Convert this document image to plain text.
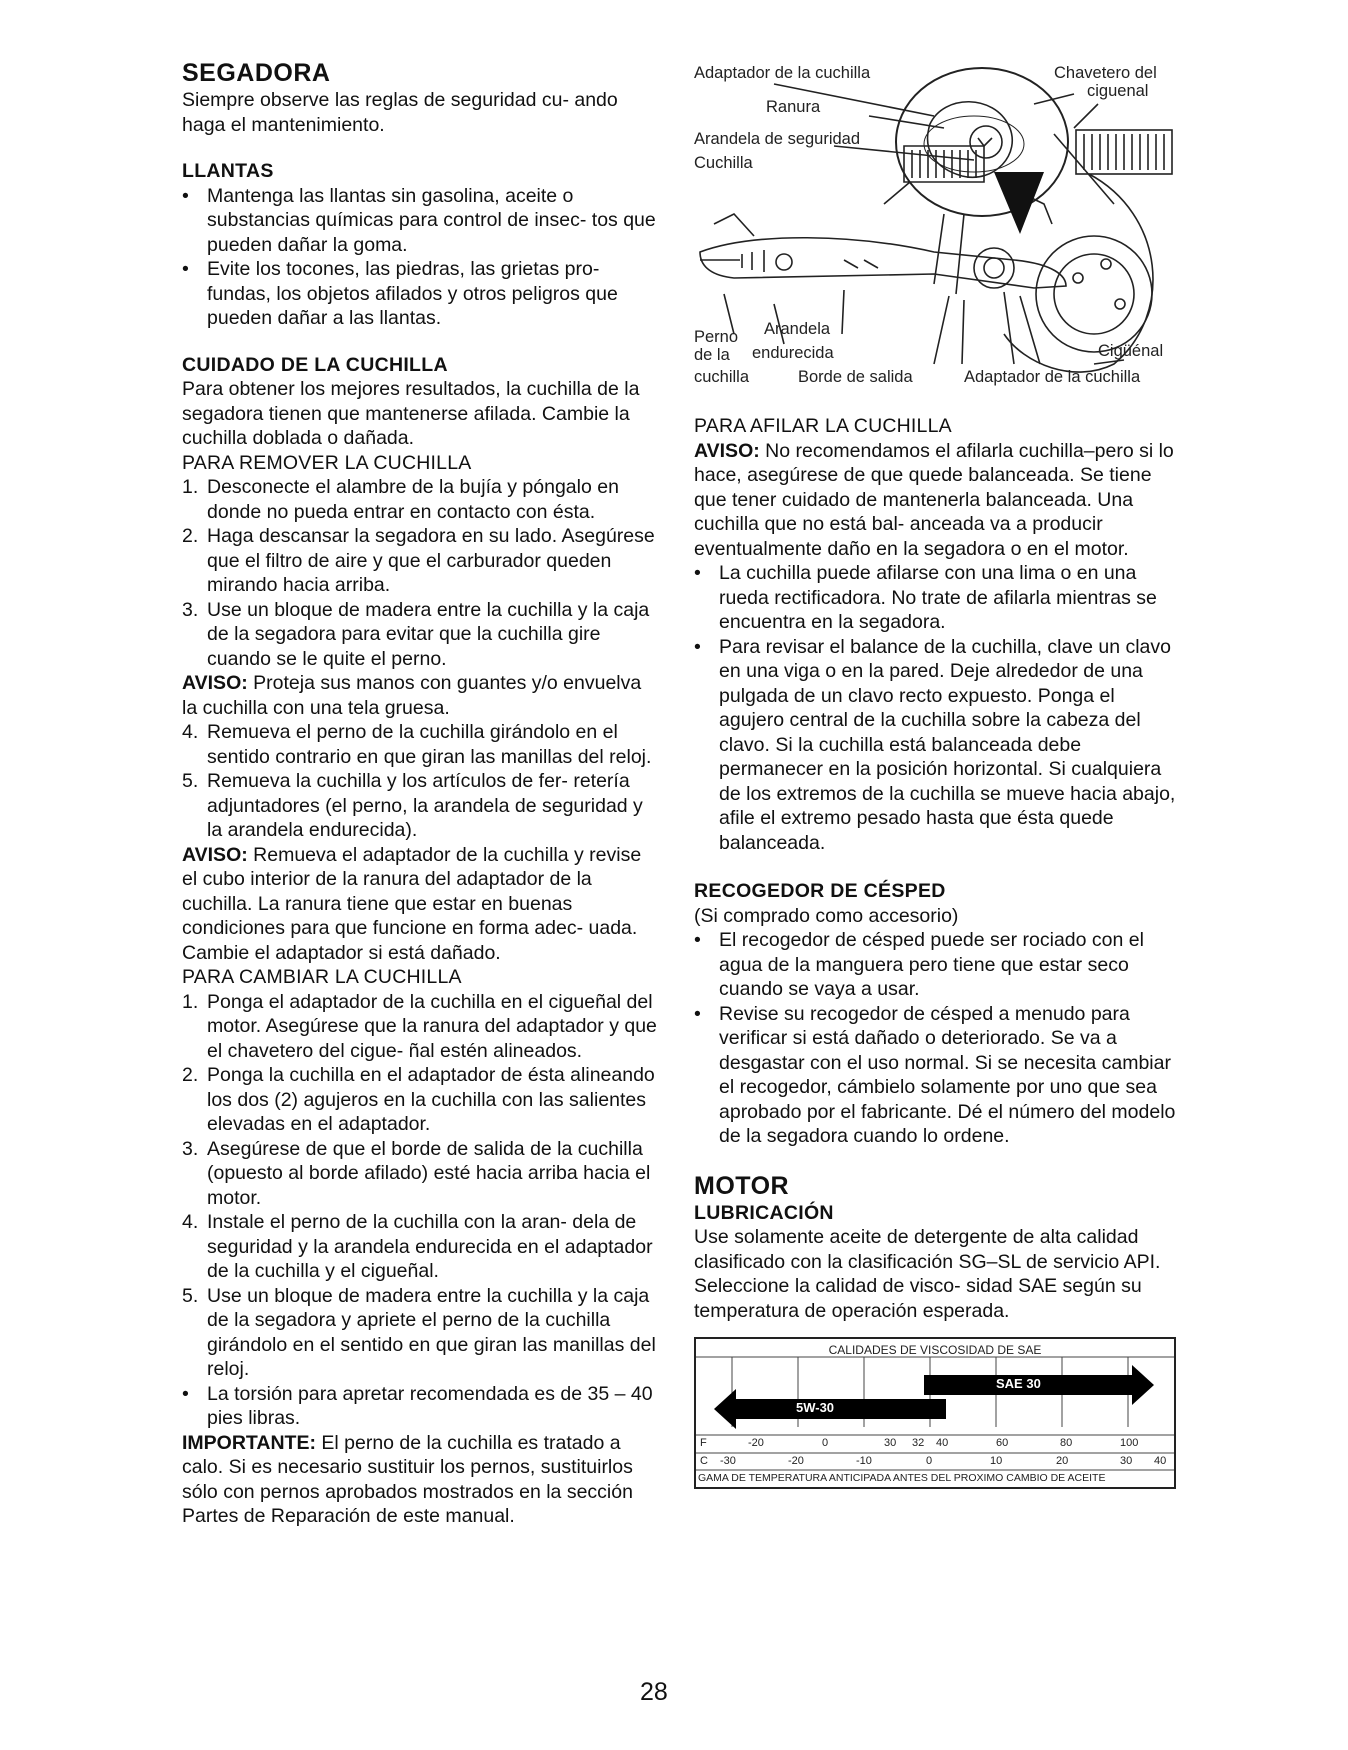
SEGADORA

Siempre observe las reglas de seguridad cu- ando haga el mantenimiento.

LLANTAS

• Mantenga las llantas sin gasolina, aceite o substancias químicas para control de insec- tos que pueden dañar la goma.

• Evite los tocones, las piedras, las grietas pro- fundas, los objetos afilados y otros peligros que pueden dañar a las llantas.

CUIDADO DE LA CUCHILLA

Para obtener los mejores resultados, la cuchilla de la segadora tienen que mantenerse afilada. Cambie la cuchilla doblada o dañada.

PARA REMOVER LA CUCHILLA

1. Desconecte el alambre de la bujía y póngalo en donde no pueda entrar en contacto con ésta.

2. Haga descansar la segadora en su lado. Asegúrese que el filtro de aire y que el carburador queden mirando hacia arriba.

3. Use un bloque de madera entre la cuchilla y la caja de la segadora para evitar que la cuchilla gire cuando se le quite el perno.

AVISO: Proteja sus manos con guantes y/o envuelva la cuchilla con una tela gruesa.

4. Remueva el perno de la cuchilla girándolo en el sentido contrario en que giran las manillas del reloj.

5. Remueva la cuchilla y los artículos de fer- retería adjuntadores (el perno, la arandela de seguridad y la arandela endurecida).

AVISO: Remueva el adaptador de la cuchilla y revise el cubo interior de la ranura del adaptador de la cuchilla. La ranura tiene que estar en buenas condiciones para que funcione en forma adec- uada. Cambie el adaptador si está dañado.

PARA CAMBIAR LA CUCHILLA

1. Ponga el adaptador de la cuchilla en el cigueñal del motor. Asegúrese que la ranura del adaptador y que el chavetero del cigue- ñal estén alineados.

2. Ponga la cuchilla en el adaptador de ésta alineando los dos (2) agujeros en la cuchilla con las salientes elevadas en el adaptador.

3. Asegúrese de que el borde de salida de la cuchilla (opuesto al borde afilado) esté hacia arriba hacia el motor.

4. Instale el perno de la cuchilla con la aran- dela de seguridad y la arandela endurecida en el adaptador de la cuchilla y el cigueñal.

5. Use un bloque de madera entre la cuchilla y la caja de la segadora y apriete el perno de la cuchilla girándolo en el sentido en que giran las manillas del reloj.

• La torsión para apretar recomendada es de 35 – 40 pies libras.

IMPORTANTE: El perno de la cuchilla es tratado a calo. Si es necesario sustituir los pernos, sustituirlos sólo con pernos aprobados mostrados en la sección Partes de Reparación de este manual.

Adaptador de la cuchilla	Chavetero del
ciguenal
Ranura
Arandela de seguridad
Cuchilla
Perno Arandela
de la endurecida	Cigüénal
cuchilla	Borde de salida	Adaptador de la cuchilla

PARA AFILAR LA CUCHILLA

AVISO: No recomendamos el afilarla cuchilla–pero si lo hace, asegúrese de que quede balanceada. Se tiene que tener cuidado de mantenerla balanceada. Una cuchilla que no está bal- anceada va a producir eventualmente daño en la segadora o en el motor.

• La cuchilla puede afilarse con una lima o en una rueda rectificadora. No trate de afilarla mientras se encuentra en la segadora.

• Para revisar el balance de la cuchilla, clave un clavo en una viga o en la pared. Deje alrededor de una pulgada de un clavo recto expuesto. Ponga el agujero central de la cuchilla sobre la cabeza del clavo. Si la cuchilla está balanceada debe permanecer en la posición horizontal. Si cualquiera de los extremos de la cuchilla se mueve hacia abajo, afile el extremo pesado hasta que ésta quede balanceada.

RECOGEDOR DE CÉSPED

(Si comprado como accesorio)

• El recogedor de césped puede ser rociado con el agua de la manguera pero tiene que estar seco cuando se vaya a usar.

• Revise su recogedor de césped a menudo para verificar si está dañado o deteriorado. Se va a desgastar con el uso normal. Si se necesita cambiar el recogedor, cámbielo solamente por uno que sea aprobado por el fabricante. Dé el número del modelo de la segadora cuando lo ordene.

MOTOR

LUBRICACIÓN

Use solamente aceite de detergente de alta calidad clasificado con la clasificación SG–SL de servicio API. Seleccione la calidad de visco- sidad SAE según su temperatura de operación esperada.

CALIDADES DE VISCOSIDAD DE SAE
SAE 30
5W-30
F	-20	0	30 32 40	60	80	100
C -30	-20	-10	0	10	20	30 40
GAMA DE TEMPERATURA ANTICIPADA ANTES DEL PROXIMO CAMBIO DE ACEITE
28
